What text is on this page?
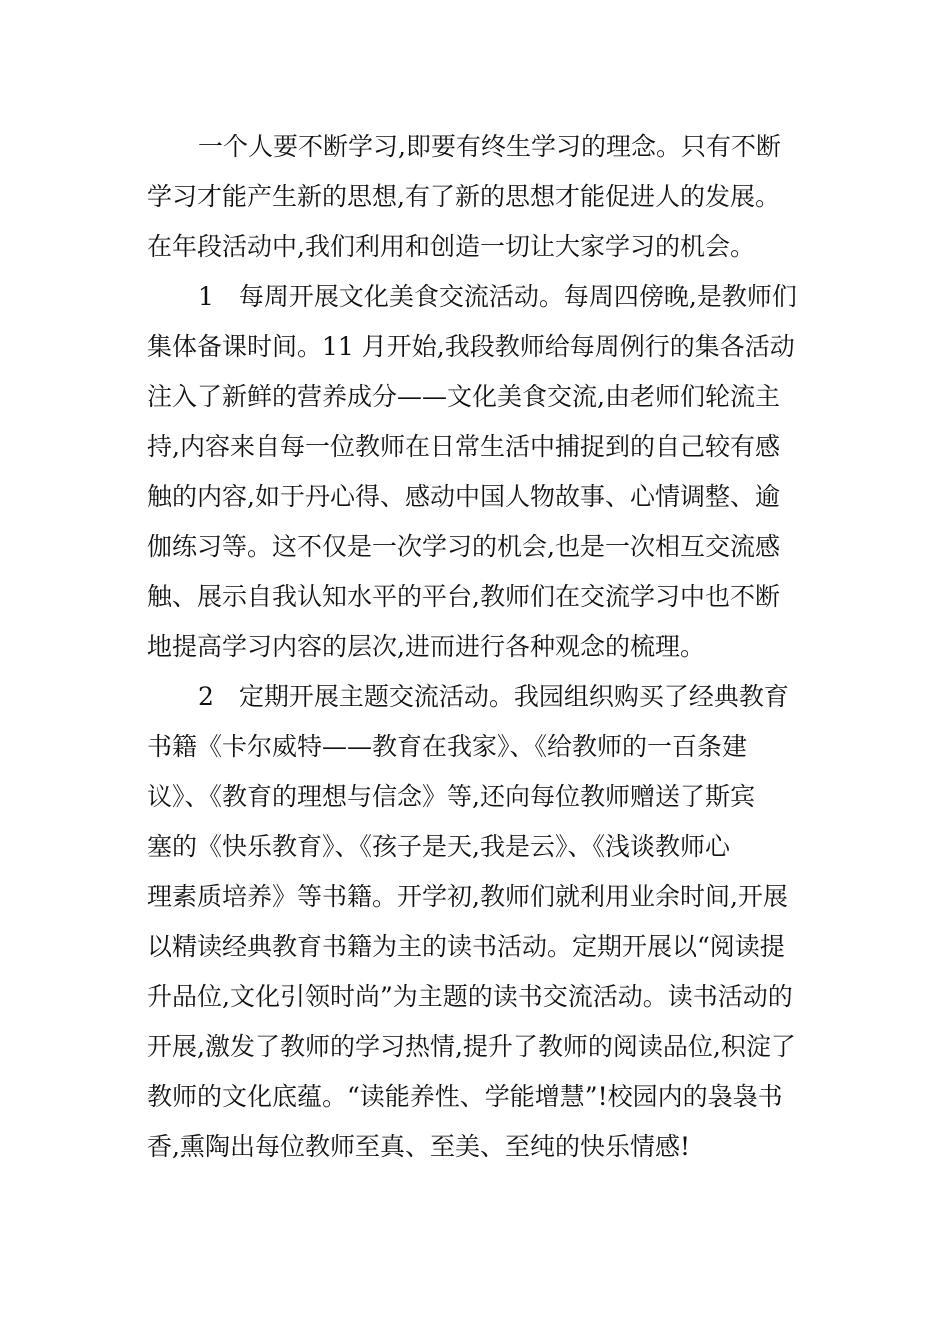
一个人要不断学习,即要有终生学习的理念。只有不断
学习才能产生新的思想,有了新的思想才能促进人的发展。
在年段活动中,我们利用和创造一切让大家学习的机会。
1　每周开展文化美食交流活动。每周四傍晚,是教师们
集体备课时间。11 月开始,我段教师给每周例行的集各活动
注入了新鲜的营养成分——文化美食交流,由老师们轮流主
持,内容来自每一位教师在日常生活中捕捉到的自己较有感
触的内容,如于丹心得、感动中国人物故事、心情调整、逾
伽练习等。这不仅是一次学习的机会,也是一次相互交流感
触、展示自我认知水平的平台,教师们在交流学习中也不断
地提高学习内容的层次,进而进行各种观念的梳理。
2　定期开展主题交流活动。我园组织购买了经典教育
书籍《卡尔威特——教育在我家》、《给教师的一百条建
议》、《教育的理想与信念》等,还向每位教师赠送了斯宾
塞的《快乐教育》、《孩子是天,我是云》、《浅谈教师心
理素质培养》等书籍。开学初,教师们就利用业余时间,开展
以精读经典教育书籍为主的读书活动。定期开展以“阅读提
升品位,文化引领时尚”为主题的读书交流活动。读书活动的
开展,激发了教师的学习热情,提升了教师的阅读品位,积淀了
教师的文化底蕴。“读能养性、学能增慧”!校园内的袅袅书
香,熏陶出每位教师至真、至美、至纯的快乐情感!
